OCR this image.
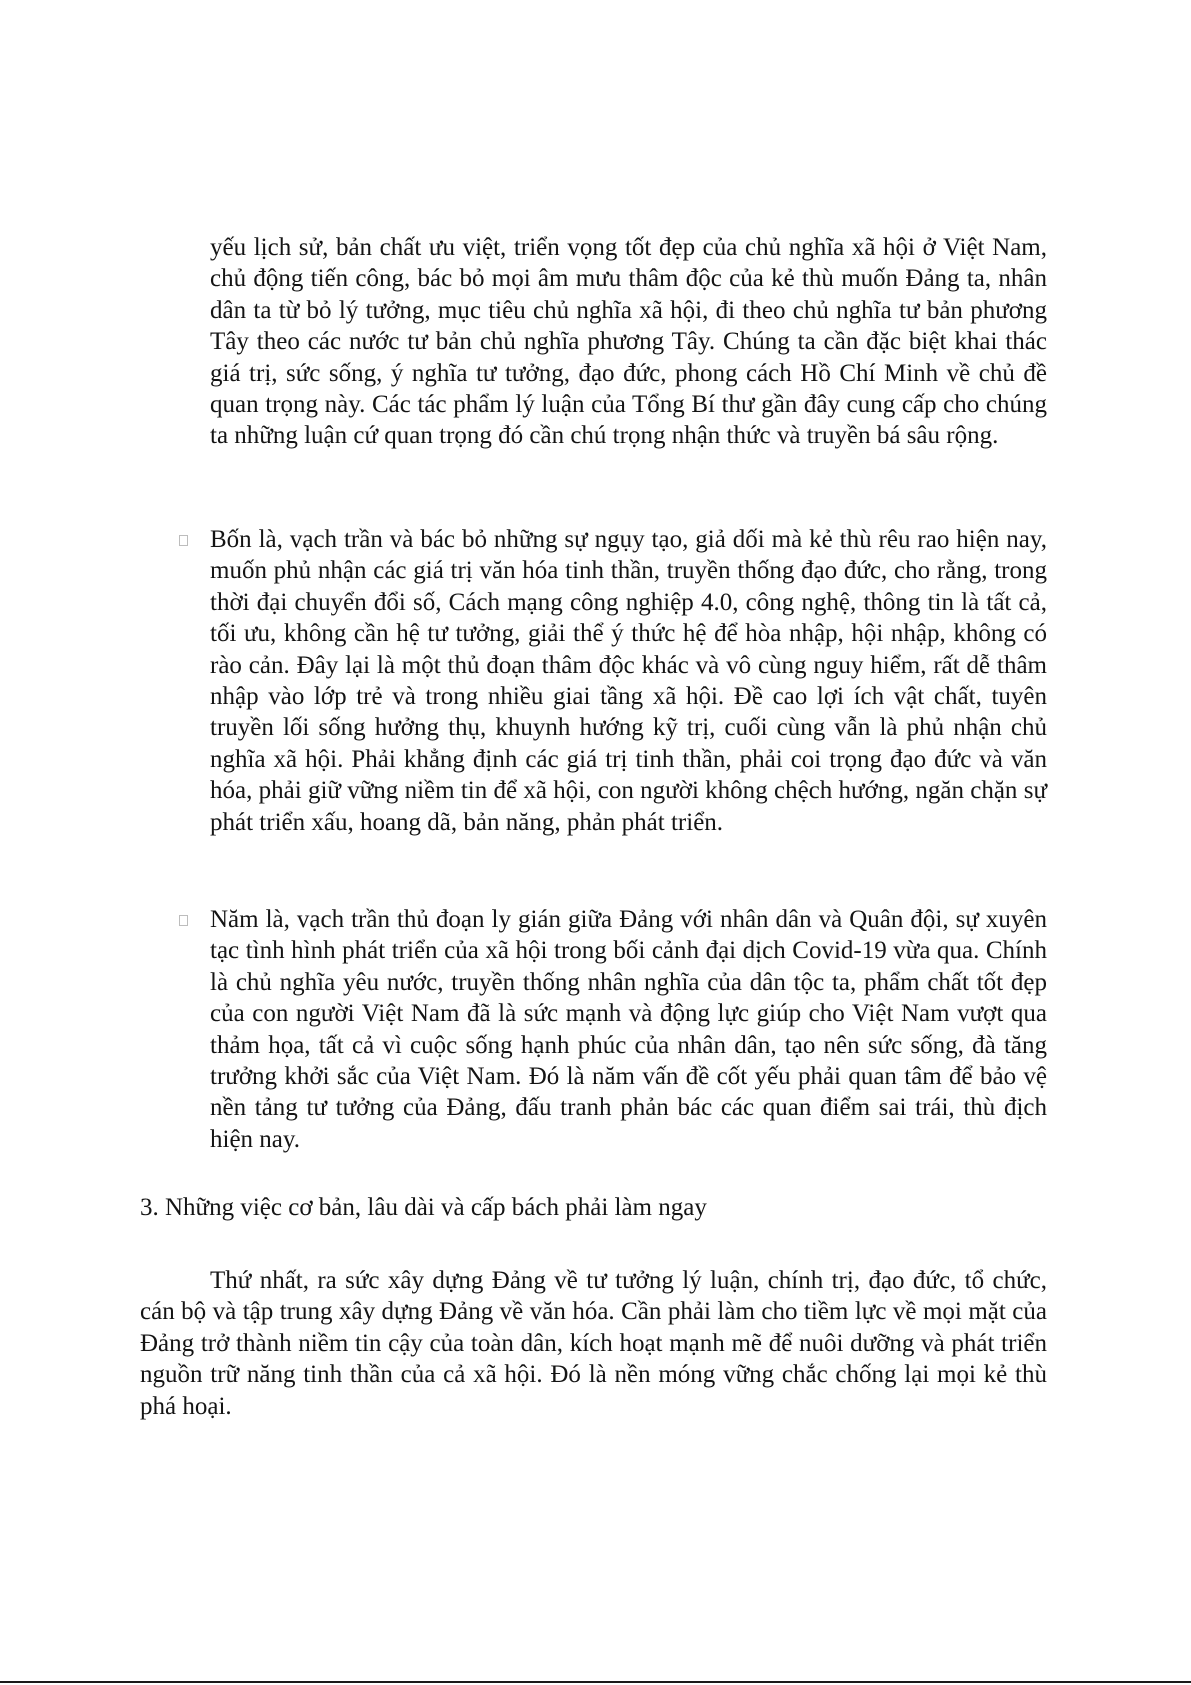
yếu lịch sử, bản chất ưu việt, triển vọng tốt đẹp của chủ nghĩa xã hội ở Việt Nam, chủ động tiến công, bác bỏ mọi âm mưu thâm độc của kẻ thù muốn Đảng ta, nhân dân ta từ bỏ lý tưởng, mục tiêu chủ nghĩa xã hội, đi theo chủ nghĩa tư bản phương Tây theo các nước tư bản chủ nghĩa phương Tây. Chúng ta cần đặc biệt khai thác giá trị, sức sống, ý nghĩa tư tưởng, đạo đức, phong cách Hồ Chí Minh về chủ đề quan trọng này. Các tác phẩm lý luận của Tổng Bí thư gần đây cung cấp cho chúng ta những luận cứ quan trọng đó cần chú trọng nhận thức và truyền bá sâu rộng.
Bốn là, vạch trần và bác bỏ những sự ngụy tạo, giả dối mà kẻ thù rêu rao hiện nay, muốn phủ nhận các giá trị văn hóa tinh thần, truyền thống đạo đức, cho rằng, trong thời đại chuyển đổi số, Cách mạng công nghiệp 4.0, công nghệ, thông tin là tất cả, tối ưu, không cần hệ tư tưởng, giải thể ý thức hệ để hòa nhập, hội nhập, không có rào cản. Đây lại là một thủ đoạn thâm độc khác và vô cùng nguy hiểm, rất dễ thâm nhập vào lớp trẻ và trong nhiều giai tầng xã hội. Đề cao lợi ích vật chất, tuyên truyền lối sống hưởng thụ, khuynh hướng kỹ trị, cuối cùng vẫn là phủ nhận chủ nghĩa xã hội. Phải khẳng định các giá trị tinh thần, phải coi trọng đạo đức và văn hóa, phải giữ vững niềm tin để xã hội, con người không chệch hướng, ngăn chặn sự phát triển xấu, hoang dã, bản năng, phản phát triển.
Năm là, vạch trần thủ đoạn ly gián giữa Đảng với nhân dân và Quân đội, sự xuyên tạc tình hình phát triển của xã hội trong bối cảnh đại dịch Covid-19 vừa qua. Chính là chủ nghĩa yêu nước, truyền thống nhân nghĩa của dân tộc ta, phẩm chất tốt đẹp của con người Việt Nam đã là sức mạnh và động lực giúp cho Việt Nam vượt qua thảm họa, tất cả vì cuộc sống hạnh phúc của nhân dân, tạo nên sức sống, đà tăng trưởng khởi sắc của Việt Nam. Đó là năm vấn đề cốt yếu phải quan tâm để bảo vệ nền tảng tư tưởng của Đảng, đấu tranh phản bác các quan điểm sai trái, thù địch hiện nay.
3. Những việc cơ bản, lâu dài và cấp bách phải làm ngay
Thứ nhất, ra sức xây dựng Đảng về tư tưởng lý luận, chính trị, đạo đức, tổ chức, cán bộ và tập trung xây dựng Đảng về văn hóa. Cần phải làm cho tiềm lực về mọi mặt của Đảng trở thành niềm tin cậy của toàn dân, kích hoạt mạnh mẽ để nuôi dưỡng và phát triển nguồn trữ năng tinh thần của cả xã hội. Đó là nền móng vững chắc chống lại mọi kẻ thù phá hoại.
